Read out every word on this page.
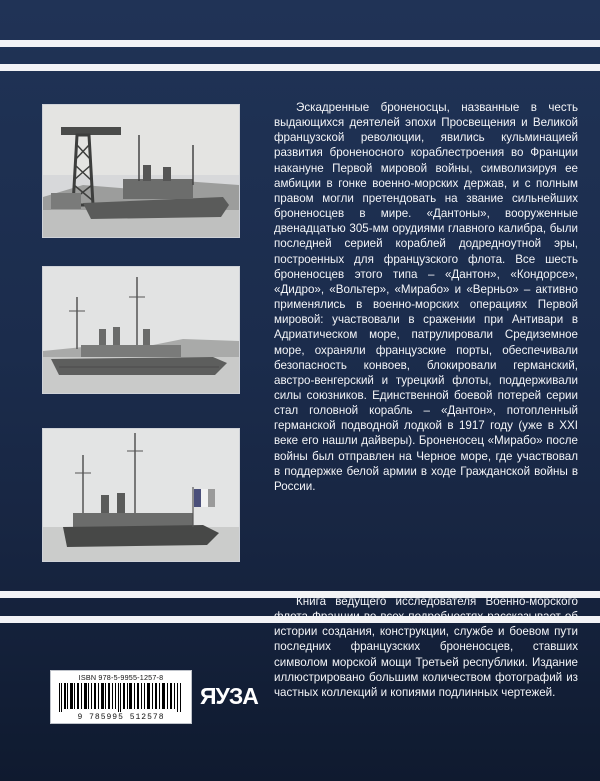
Эскадренные броненосцы, названные в честь выдающихся деятелей эпохи Просвещения и Великой французской революции, явились кульминацией развития броненосного кораблестроения во Франции накануне Первой мировой войны, символизируя ее амбиции в гонке военно-морских держав, и с полным правом могли претендовать на звание сильнейших броненосцев в мире. «Дантоны», вооруженные двенадцатью 305-мм орудиями главного калибра, были последней серией кораблей додредноутной эры, построенных для французского флота. Все шесть броненосцев этого типа – «Дантон», «Кондорсе», «Дидро», «Вольтер», «Мирабо» и «Верньо» – активно применялись в военно-морских операциях Первой мировой: участвовали в сражении при Антивари в Адриатическом море, патрулировали Средиземное море, охраняли французские порты, обеспечивали безопасность конвоев, блокировали германский, австро-венгерский и турецкий флоты, поддерживали силы союзников. Единственной боевой потерей серии стал головной корабль – «Дантон», потопленный германской подводной лодкой в 1917 году (уже в XXI веке его нашли дайверы). Броненосец «Мирабо» после войны был отправлен на Черное море, где участвовал в поддержке белой армии в ходе Гражданской войны в России.

Книга ведущего исследователя Военно-морского флота Франции во всех подробностях рассказывает об истории создания, конструкции, службе и боевом пути последних французских броненосцев, ставших символом морской мощи Третьей республики. Издание иллюстрировано большим количеством фотографий из частных коллекций и копиями подлинных чертежей.

ISBN 978-5-9955-1257-8
9 785995 512578
ЯУЗА
